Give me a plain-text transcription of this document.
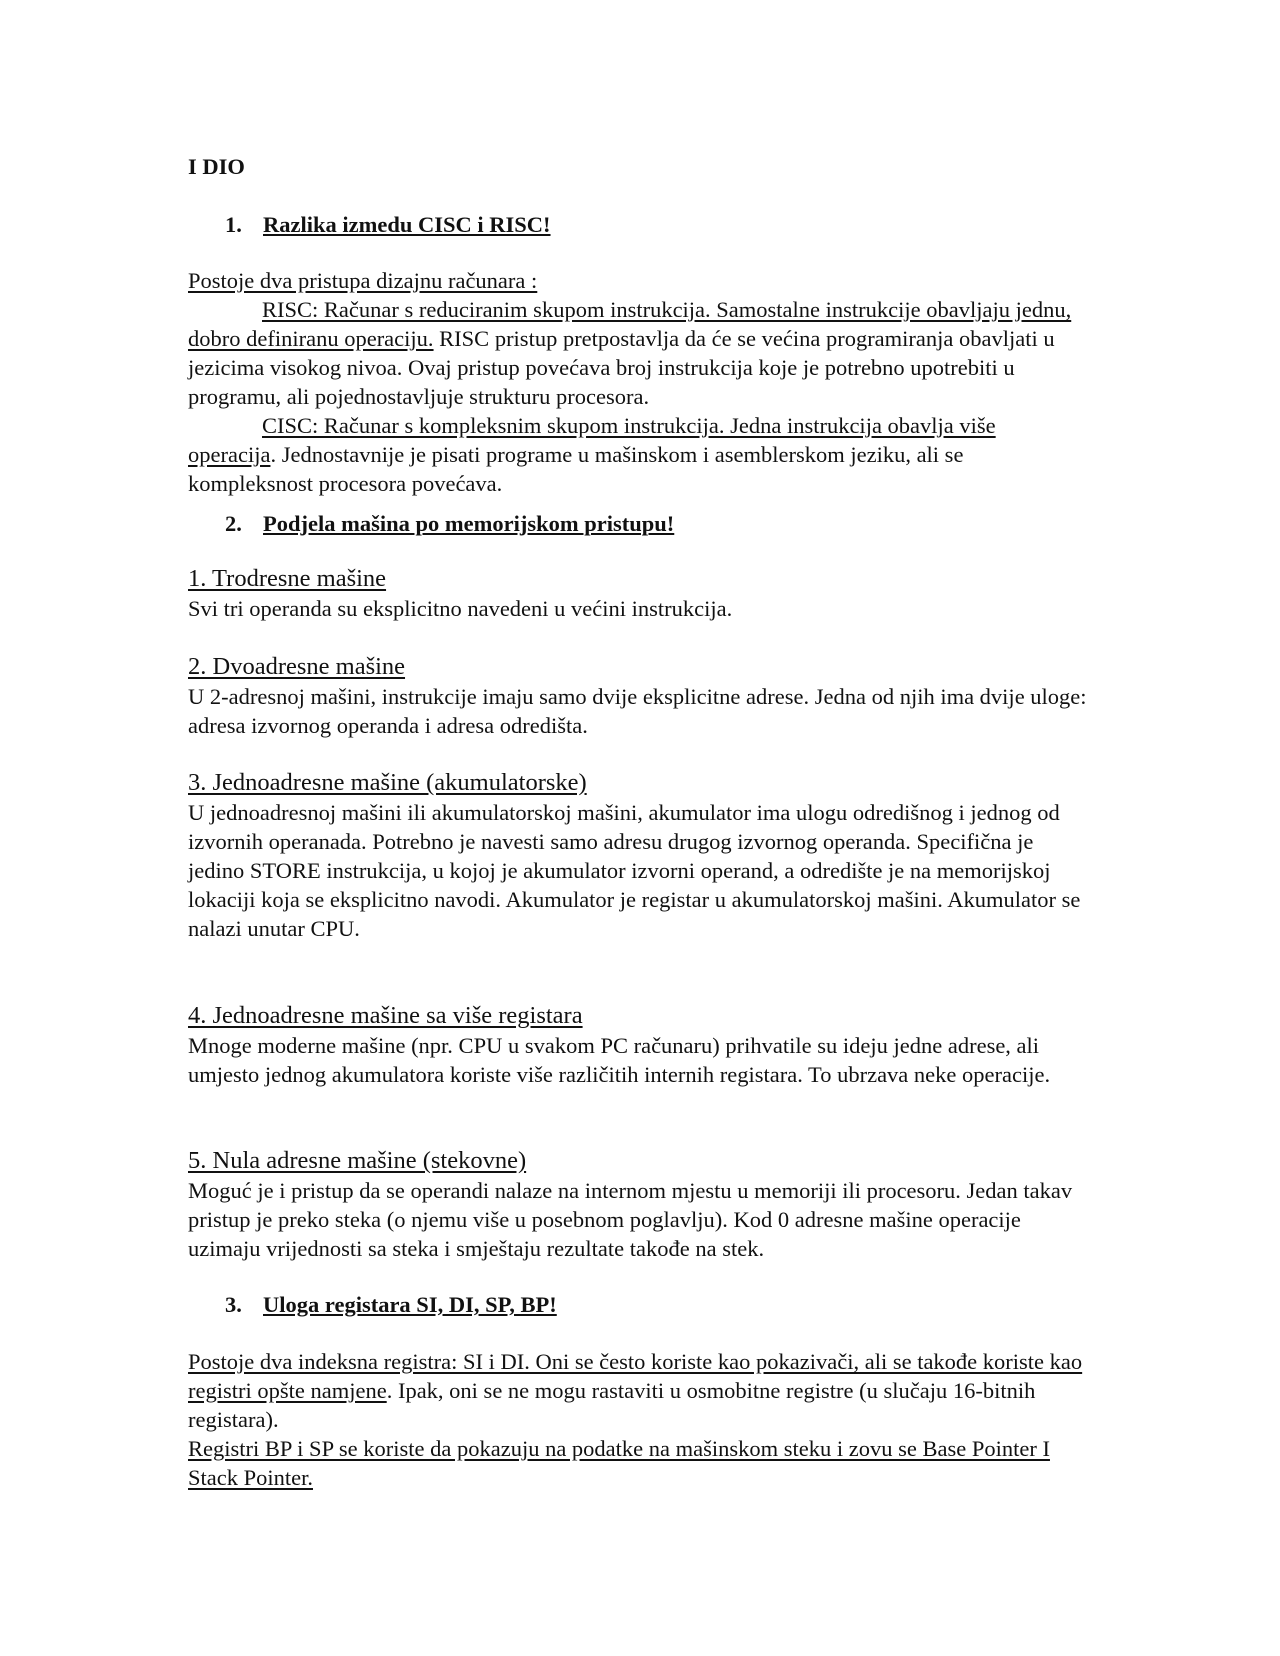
I DIO
1. Razlika izmedu CISC i RISC!

Postoje dva pristupa dizajnu računara :

RISC: Računar s reduciranim skupom instrukcija. Samostalne instrukcije obavljaju jednu, dobro definiranu operaciju. RISC pristup pretpostavlja da će se većina programiranja obavljati u jezicima visokog nivoa. Ovaj pristup povećava broj instrukcija koje je potrebno upotrebiti u programu, ali pojednostavljuje strukturu procesora.

CISC: Računar s kompleksnim skupom instrukcija. Jedna instrukcija obavlja više operacija. Jednostavnije je pisati programe u mašinskom i asemblerskom jeziku, ali se kompleksnost procesora povećava.

2. Podjela mašina po memorijskom pristupu!

1. Trodresne mašine

Svi tri operanda su eksplicitno navedeni u većini instrukcija.

2. Dvoadresne mašine

U 2-adresnoj mašini, instrukcije imaju samo dvije eksplicitne adrese. Jedna od njih ima dvije uloge: adresa izvornog operanda i adresa odredišta.

3. Jednoadresne mašine (akumulatorske)

U jednoadresnoj mašini ili akumulatorskoj mašini, akumulator ima ulogu odredišnog i jednog od izvornih operanada. Potrebno je navesti samo adresu drugog izvornog operanda. Specifična je jedino STORE instrukcija, u kojoj je akumulator izvorni operand, a odredište je na memorijskoj lokaciji koja se eksplicitno navodi. Akumulator je registar u akumulatorskoj mašini. Akumulator se nalazi unutar CPU.

4. Jednoadresne mašine sa više registara

Mnoge moderne mašine (npr. CPU u svakom PC računaru) prihvatile su ideju jedne adrese, ali umjesto jednog akumulatora koriste više različitih internih registara. To ubrzava neke operacije.

5. Nula adresne mašine (stekovne)

Moguć je i pristup da se operandi nalaze na internom mjestu u memoriji ili procesoru. Jedan takav pristup je preko steka (o njemu više u posebnom poglavlju). Kod 0 adresne mašine operacije uzimaju vrijednosti sa steka i smještaju rezultate takođe na stek.

3. Uloga registara SI, DI, SP, BP!

Postoje dva indeksna registra: SI i DI. Oni se često koriste kao pokazivači, ali se takođe koriste kao registri opšte namjene. Ipak, oni se ne mogu rastaviti u osmobitne registre (u slučaju 16-bitnih registara).

Registri BP i SP se koriste da pokazuju na podatke na mašinskom steku i zovu se Base Pointer I Stack Pointer.
